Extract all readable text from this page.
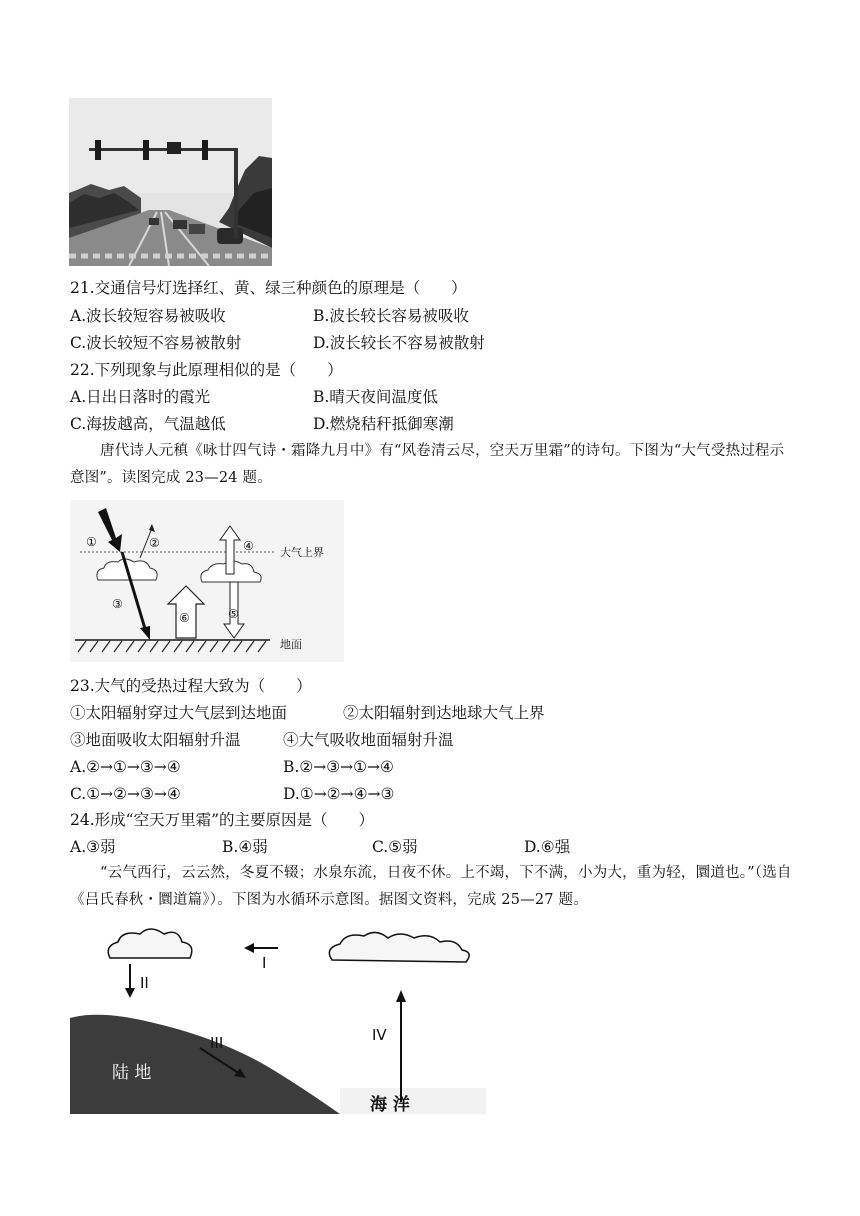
21.交通信号灯选择红、黄、绿三种颜色的原理是（　　）
A.波长较短容易被吸收	B.波长较长容易被吸收
C.波长较短不容易被散射	D.波长较长不容易被散射
22.下列现象与此原理相似的是（　　）
A.日出日落时的霞光	B.晴天夜间温度低
C.海拔越高，气温越低	D.燃烧秸秆抵御寒潮
唐代诗人元稹《咏廿四气诗・霜降九月中》有“风卷清云尽，空天万里霜”的诗句。下图为“大气受热过程示意图”。读图完成 23—24 题。
大气上界
地面
①	②
③
④
⑤
⑥
23.大气的受热过程大致为（　　）
①太阳辐射穿过大气层到达地面	②太阳辐射到达地球大气上界
③地面吸收太阳辐射升温	④大气吸收地面辐射升温
A.②→①→③→④	B.②→③→①→④
C.①→②→③→④	D.①→②→④→③
24.形成“空天万里霜”的主要原因是（　　）
A.③弱	B.④弱	C.⑤弱	D.⑥强
“云气西行，云云然，冬夏不辍；水泉东流，日夜不休。上不竭，下不满，小为大，重为轻，圜道也。”（选自《吕氏春秋・圜道篇》）。下图为水循环示意图。据图文资料，完成 25—27 题。
I
II
III	IV
陆 地
海 洋
